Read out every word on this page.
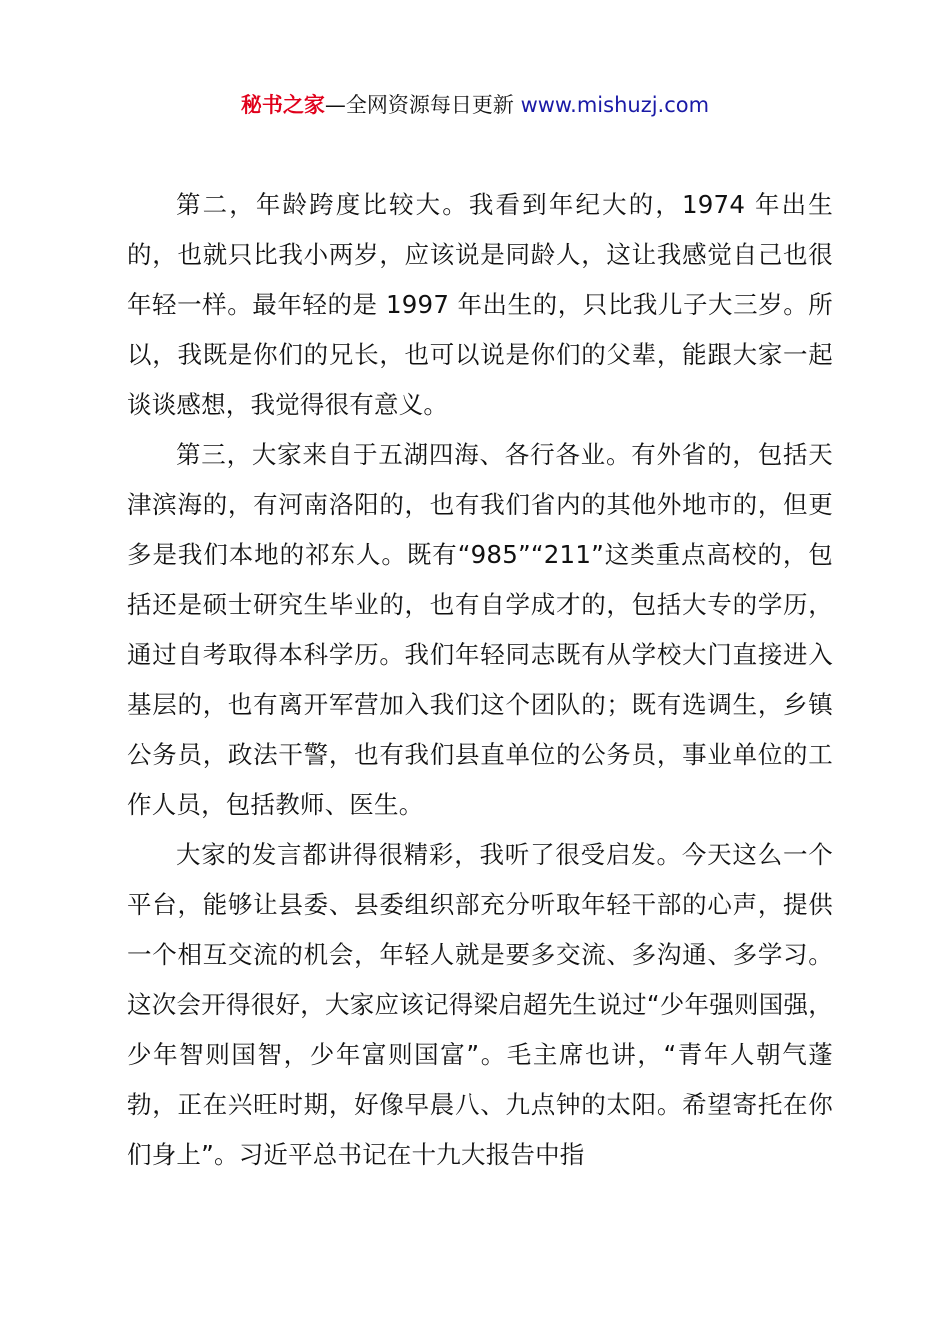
秘书之家—全网资源每日更新 www.mishuzj.com

第二，年龄跨度比较大。我看到年纪大的，1974 年出生的，也就只比我小两岁，应该说是同龄人，这让我感觉自己也很年轻一样。最年轻的是 1997 年出生的，只比我儿子大三岁。所以，我既是你们的兄长，也可以说是你们的父辈，能跟大家一起谈谈感想，我觉得很有意义。

第三，大家来自于五湖四海、各行各业。有外省的，包括天津滨海的，有河南洛阳的，也有我们省内的其他外地市的，但更多是我们本地的祁东人。既有“985”“211”这类重点高校的，包括还是硕士研究生毕业的，也有自学成才的，包括大专的学历，通过自考取得本科学历。我们年轻同志既有从学校大门直接进入基层的，也有离开军营加入我们这个团队的；既有选调生，乡镇公务员，政法干警，也有我们县直单位的公务员，事业单位的工作人员，包括教师、医生。

大家的发言都讲得很精彩，我听了很受启发。今天这么一个平台，能够让县委、县委组织部充分听取年轻干部的心声，提供一个相互交流的机会，年轻人就是要多交流、多沟通、多学习。这次会开得很好，大家应该记得梁启超先生说过“少年强则国强，少年智则国智，少年富则国富”。毛主席也讲，“青年人朝气蓬勃，正在兴旺时期，好像早晨八、九点钟的太阳。希望寄托在你们身上”。习近平总书记在十九大报告中指
